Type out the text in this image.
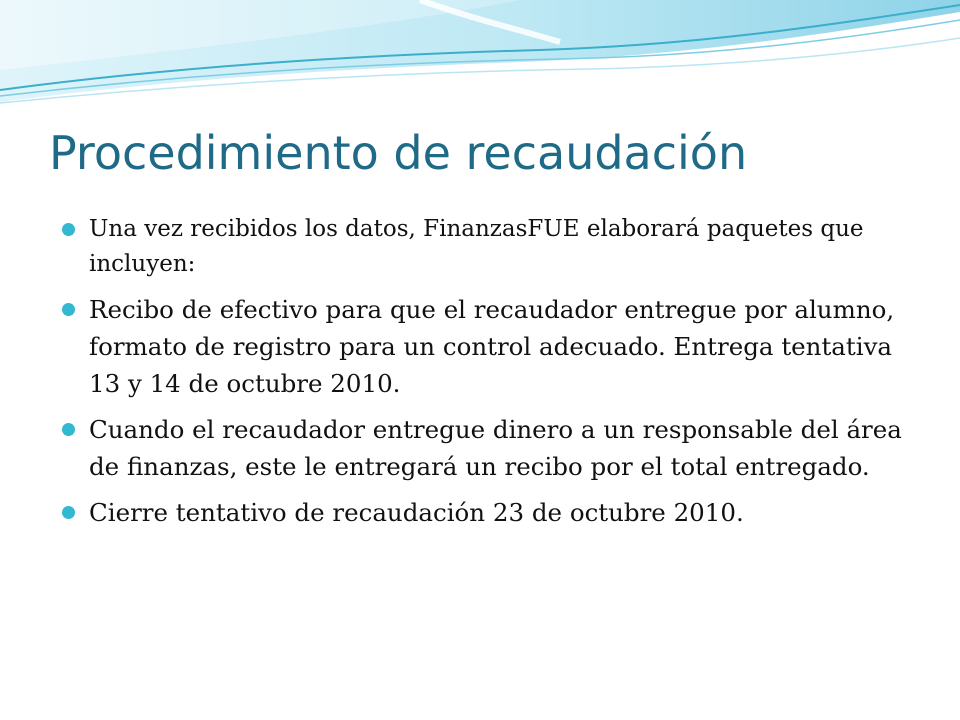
Procedimiento de recaudación
Una vez recibidos los datos, FinanzasFUE elaborará paquetes que incluyen:
Recibo de efectivo para que el recaudador entregue por alumno, formato de registro para un control adecuado. Entrega tentativa 13 y 14 de octubre 2010.
Cuando el recaudador entregue dinero a un responsable del área de finanzas, este le entregará un recibo por el total entregado.
Cierre tentativo de recaudación 23 de octubre 2010.
